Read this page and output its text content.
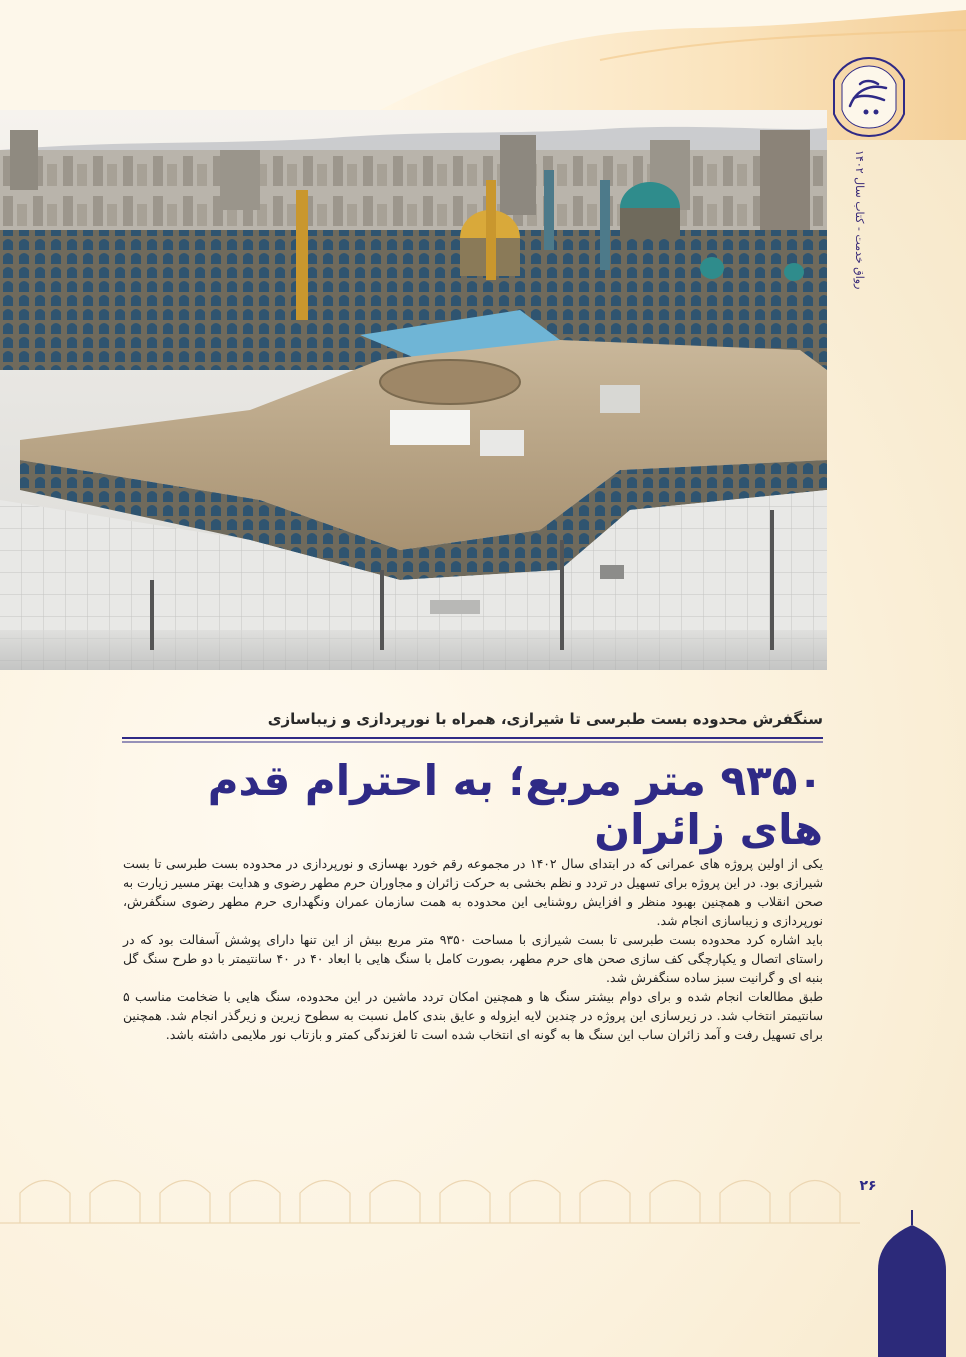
رواق خدمت - کتاب سال ۱۴۰۲
سنگفرش محدوده بست طبرسی تا شیرازی، همراه با نورپردازی و زیباسازی
۹۳۵۰ متر مربع؛ به احترام قدم های زائران

یکی از اولین پروژه های عمرانی که در ابتدای سال ۱۴۰۲ در مجموعه رقم خورد بهسازی و نورپردازی در محدوده بست طبرسی تا بست شیرازی بود. در این پروژه برای تسهیل در تردد و نظم بخشی به حرکت زائران و مجاوران حرم مطهر رضوی و هدایت بهتر مسیر زیارت به صحن انقلاب و همچنین بهبود منظر و افزایش روشنایی این محدوده به همت سازمان عمران ونگهداری حرم مطهر رضوی سنگفرش، نورپردازی و زیباسازی انجام شد.

باید اشاره کرد محدوده بست طبرسی تا بست شیرازی با مساحت ۹۳۵۰ متر مربع بیش از این تنها دارای پوشش آسفالت بود که در راستای اتصال و یکپارچگی کف سازی صحن های حرم مطهر، بصورت کامل با سنگ هایی با ابعاد ۴۰ در ۴۰ سانتیمتر با دو طرح سنگ گل بنبه ای و گرانیت سبز ساده سنگفرش شد.

طبق مطالعات انجام شده و برای دوام بیشتر سنگ ها و همچنین امکان تردد ماشین در این محدوده، سنگ هایی با ضخامت مناسب ۵ سانتیمتر انتخاب شد. در زیرسازی این پروژه در چندین لایه ایزوله و عایق بندی کامل نسبت به سطوح زیرین و زیرگذر انجام شد. همچنین برای تسهیل رفت و آمد زائران ساب این سنگ ها به گونه ای انتخاب شده است تا لغزندگی کمتر و بازتاب نور ملایمی داشته باشد.

۲۶
